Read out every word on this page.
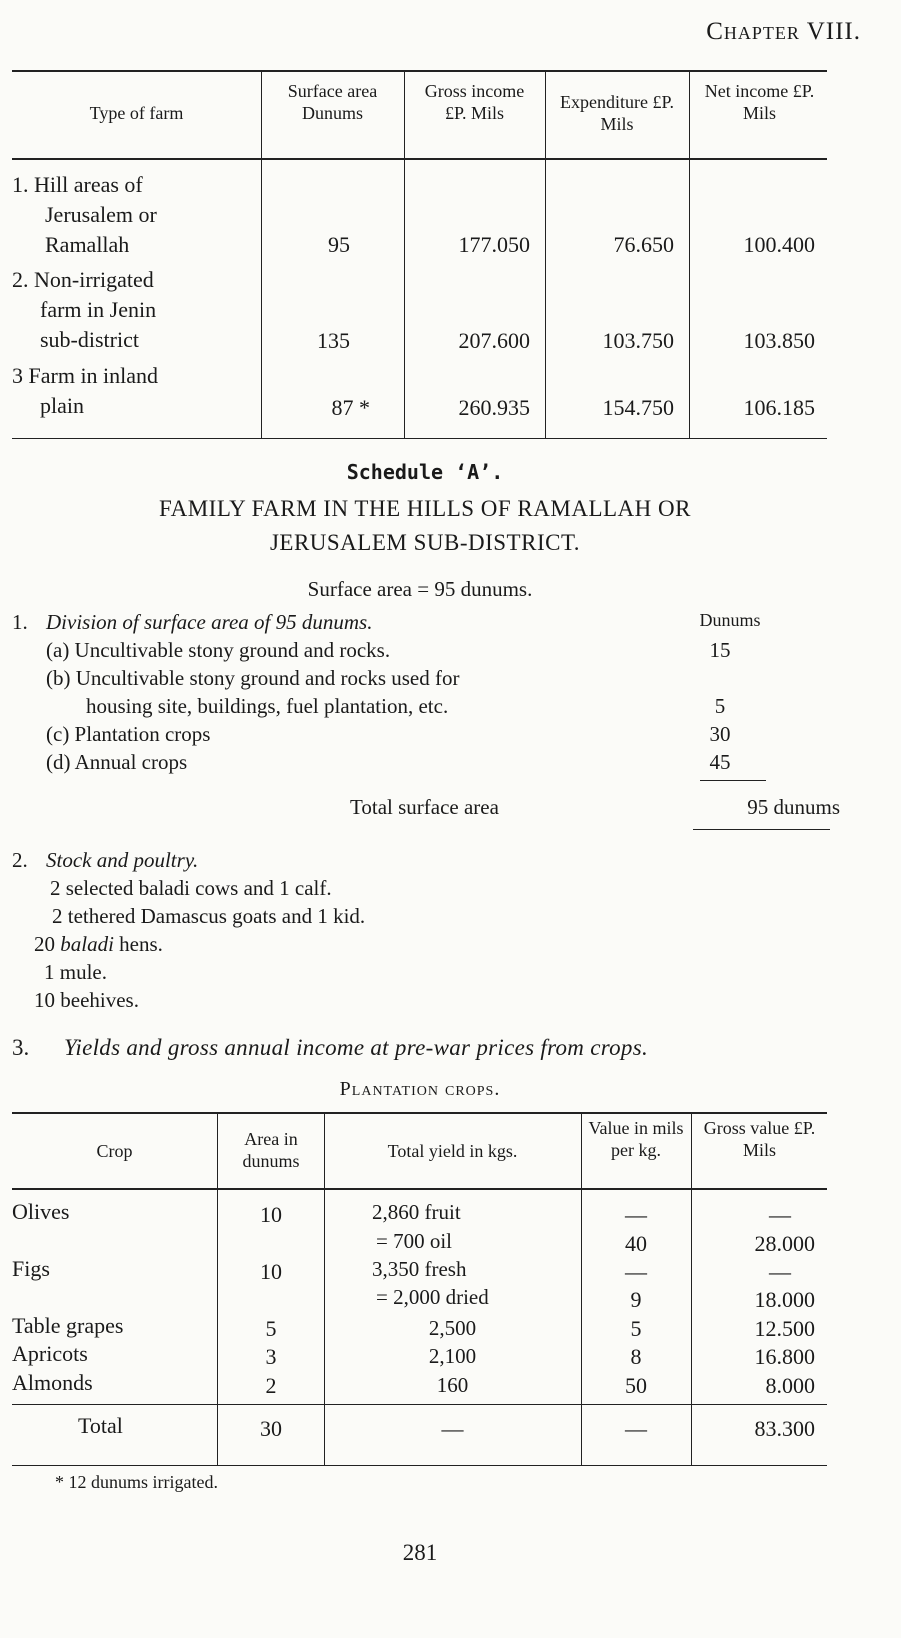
Chapter VIII.
Type of farm
Surface area Dunums
Gross income £P. Mils
Expenditure £P. Mils
Net income £P. Mils
1. Hill areas of
Jerusalem or
Ramallah	95	177.050	76.650	100.400
2. Non-irrigated
farm in Jenin
sub-district	135	207.600	103.750	103.850
3 Farm in inland
plain	87 *	260.935	154.750	106.185
Schedule ‘A’.
FAMILY FARM IN THE HILLS OF RAMALLAH OR
JERUSALEM SUB-DISTRICT.
Surface area = 95 dunums.
1. Division of surface area of 95 dunums.	Dunums
(a) Uncultivable stony ground and rocks.	15
(b) Uncultivable stony ground and rocks used for
housing site, buildings, fuel plantation, etc.	5
(c) Plantation crops	30
(d) Annual crops	45
Total surface area	95 dunums
2. Stock and poultry.
2 selected baladi cows and 1 calf.
2 tethered Damascus goats and 1 kid.
20 baladi hens.
1 mule.
10 beehives.
3. Yields and gross annual income at pre-war prices from crops.
Plantation crops.
Crop
Area in dunums	Total yield in kgs.
Value in mils per kg.
Gross value £P. Mils
Olives	10	2,860 fruit	—	—
= 700 oil	40	28.000
Figs	10	3,350 fresh	—	—
= 2,000 dried	9	18.000
Table grapes	5	2,500	5	12.500
Apricots	3	2,100	8	16.800
Almonds	2	160	50	8.000
Total	30	—	—	83.300
* 12 dunums irrigated.
281
